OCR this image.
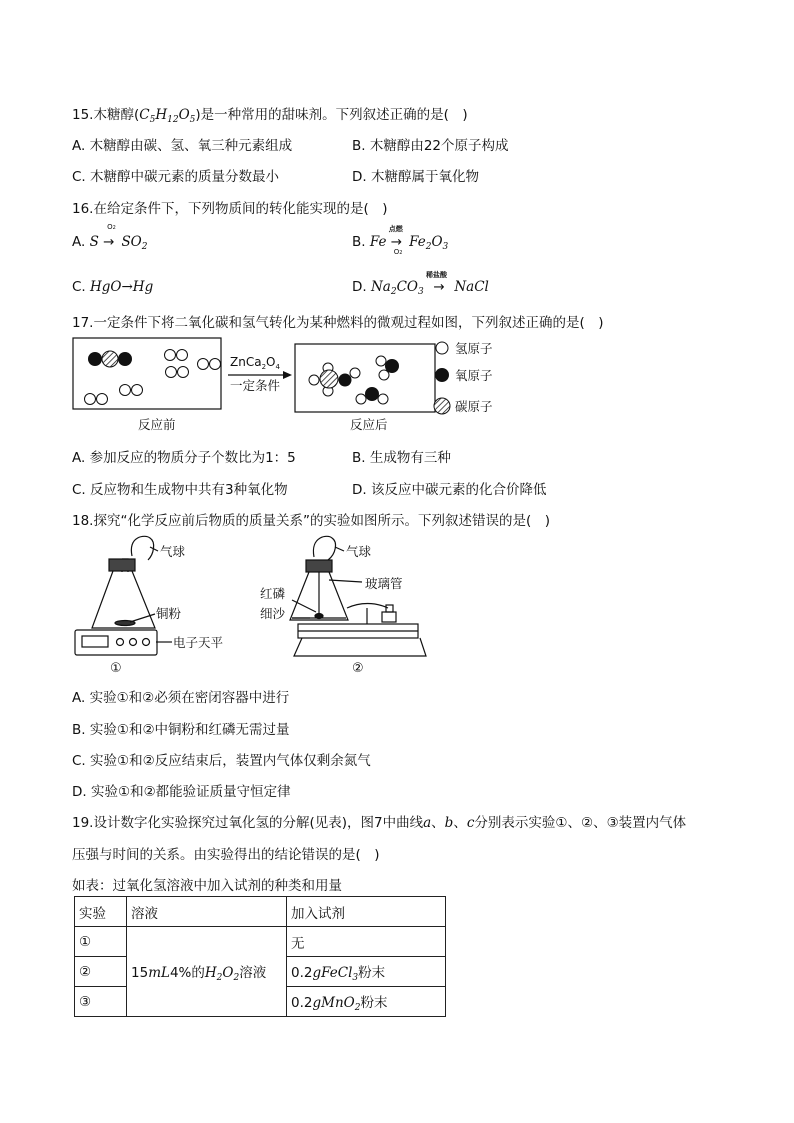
15.木糖醇$(C_5H_{12}O_5)$是一种常用的甜味剂。下列叙述正确的是(　)
A. 木糖醇由碳、氢、氧三种元素组成	B. 木糖醇由22个原子构成
C. 木糖醇中碳元素的质量分数最小	D. 木糖醇属于氧化物
16.在给定条件下，下列物质间的转化能实现的是(　)
A. S
O2
→ $SO_2$	B. Fe
点燃
→
O2
$Fe_2O_3$
C. HgO→Hg	D. $Na_2CO_3$
稀盐酸
→ NaCl
17.一定条件下将二氧化碳和氢气转化为某种燃料的微观过程如图，下列叙述正确的是(　)
反应前
$ZnCa_2O_4$
一定条件
反应后
氢原子
氧原子
碳原子
A. 参加反应的物质分子个数比为1：5	B. 生成物有三种
C. 反应物和生成物中共有3种氧化物	D. 该反应中碳元素的化合价降低
18.探究“化学反应前后物质的质量关系”的实验如图所示。下列叙述错误的是(　)
气球
铜粉
电子天平
①
气球
玻璃管
红磷
细沙
②
A. 实验①和②必须在密闭容器中进行
B. 实验①和②中铜粉和红磷无需过量
C. 实验①和②反应结束后，装置内气体仅剩余氮气
D. 实验①和②都能验证质量守恒定律
19.设计数字化实验探究过氧化氢的分解(见表)，图7中曲线a、b、c分别表示实验①、②、③装置内气体
压强与时间的关系。由实验得出的结论错误的是(　)
如表：过氧化氢溶液中加入试剂的种类和用量
实验	溶液	加入试剂
①	15mL4%的$H_2O_2$溶液	无
②		0.2gFeCl$_3$粉末
③		0.2gMnO$_2$粉末
